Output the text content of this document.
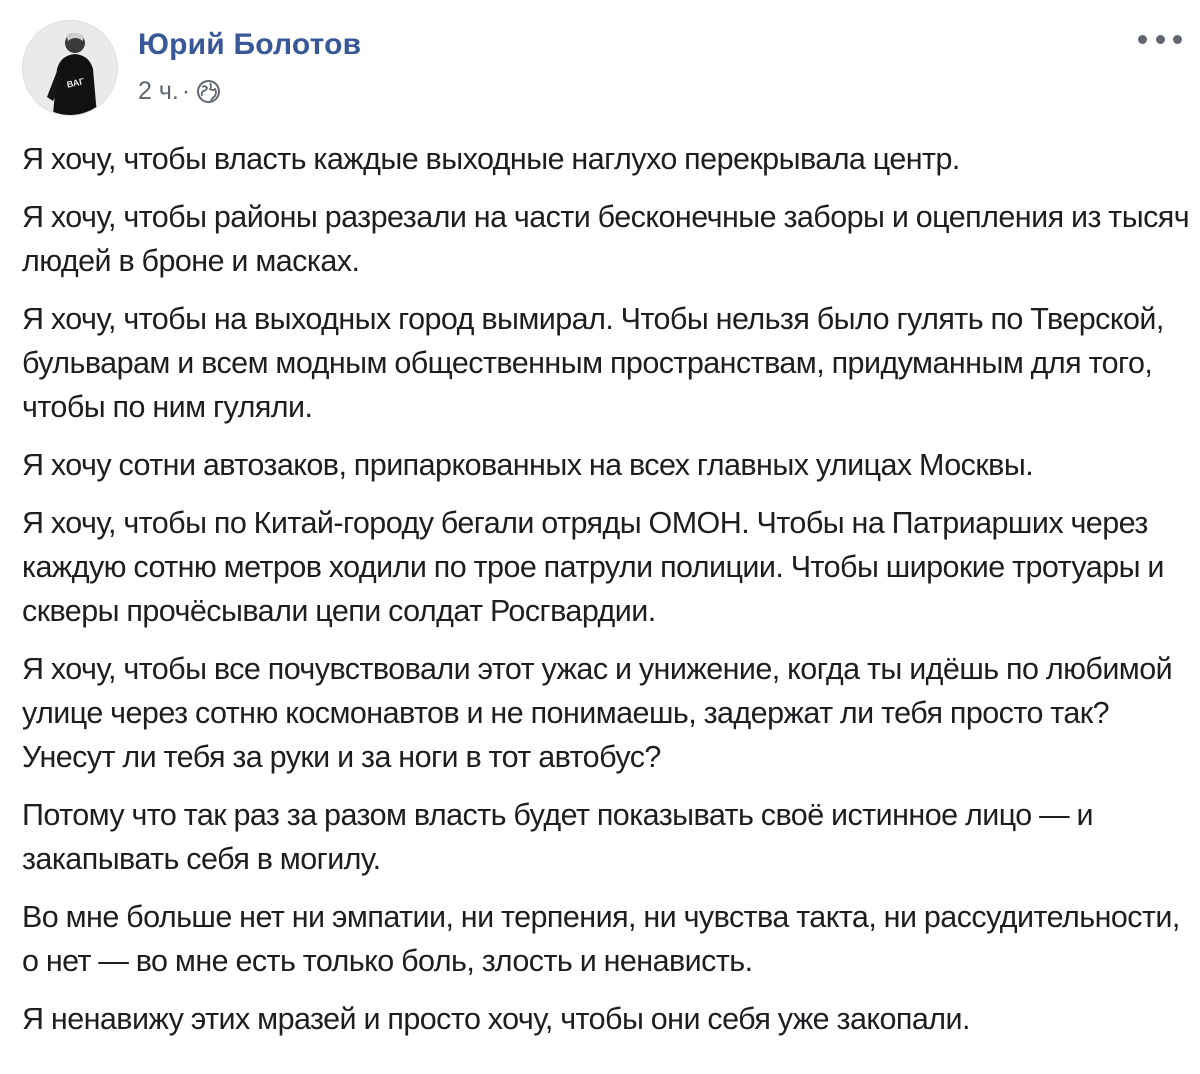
ВАГ
Юрий Болотов
2 ч. ·

Я хочу, чтобы власть каждые выходные наглухо перекрывала центр.

Я хочу, чтобы районы разрезали на части бесконечные заборы и оцепления из тысяч людей в броне и масках.

Я хочу, чтобы на выходных город вымирал. Чтобы нельзя было гулять по Тверской, бульварам и всем модным общественным пространствам, придуманным для того, чтобы по ним гуляли.

Я хочу сотни автозаков, припаркованных на всех главных улицах Москвы.

Я хочу, чтобы по Китай-городу бегали отряды ОМОН. Чтобы на Патриарших через каждую сотню метров ходили по трое патрули полиции. Чтобы широкие тротуары и скверы прочёсывали цепи солдат Росгвардии.

Я хочу, чтобы все почувствовали этот ужас и унижение, когда ты идёшь по любимой улице через сотню космонавтов и не понимаешь, задержат ли тебя просто так? Унесут ли тебя за руки и за ноги в тот автобус?

Потому что так раз за разом власть будет показывать своё истинное лицо — и закапывать себя в могилу.

Во мне больше нет ни эмпатии, ни терпения, ни чувства такта, ни рассудительности, о нет — во мне есть только боль, злость и ненависть.

Я ненавижу этих мразей и просто хочу, чтобы они себя уже закопали.
